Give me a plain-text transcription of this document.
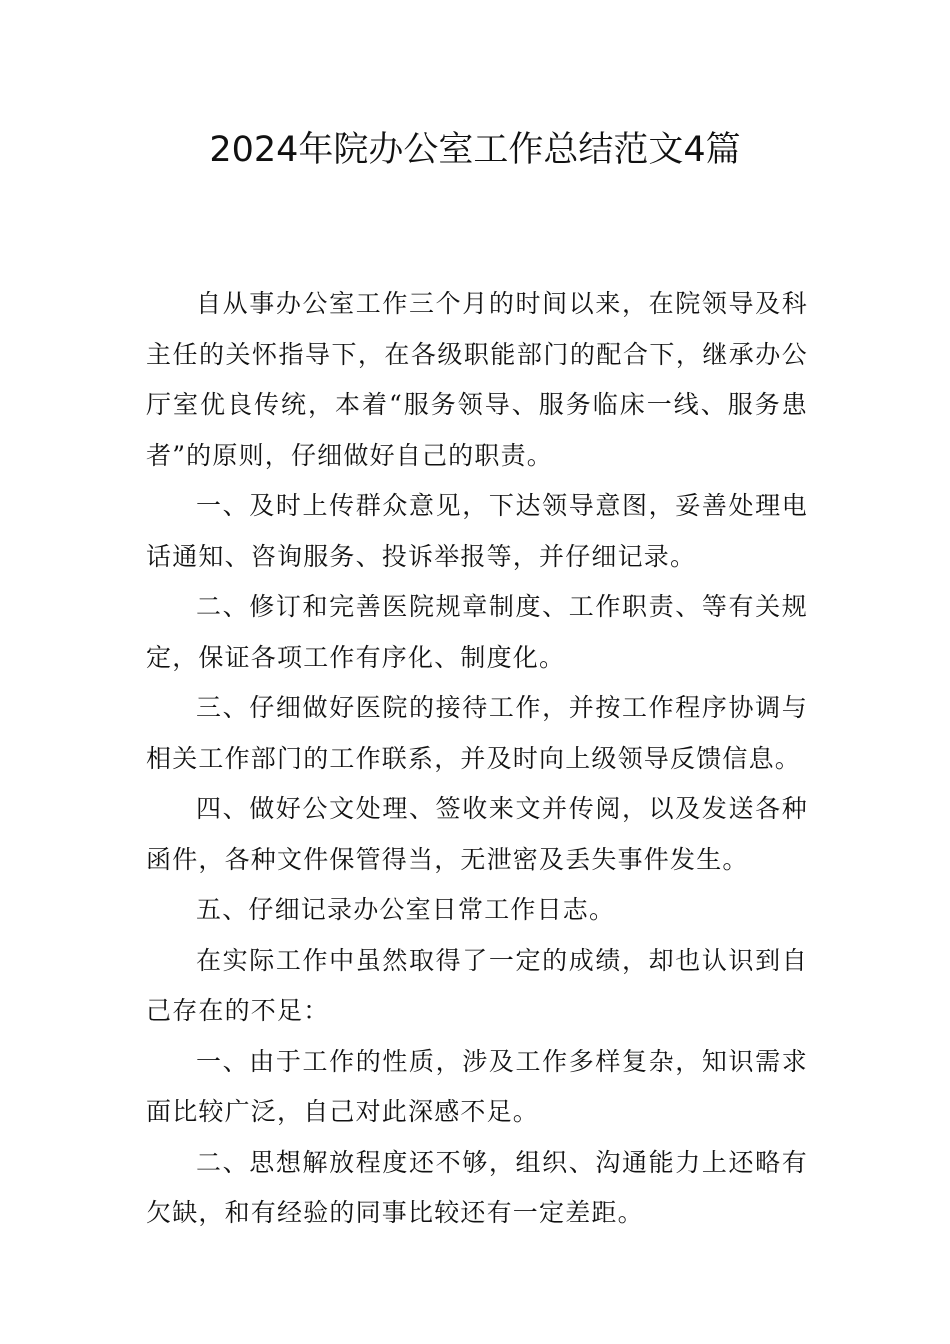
2024年院办公室工作总结范文4篇

自从事办公室工作三个月的时间以来，在院领导及科主任的关怀指导下，在各级职能部门的配合下，继承办公厅室优良传统，本着“服务领导、服务临床一线、服务患者”的原则，仔细做好自己的职责。

一、及时上传群众意见，下达领导意图，妥善处理电话通知、咨询服务、投诉举报等，并仔细记录。

二、修订和完善医院规章制度、工作职责、等有关规定，保证各项工作有序化、制度化。

三、仔细做好医院的接待工作，并按工作程序协调与相关工作部门的工作联系，并及时向上级领导反馈信息。

四、做好公文处理、签收来文并传阅，以及发送各种函件，各种文件保管得当，无泄密及丢失事件发生。

五、仔细记录办公室日常工作日志。

在实际工作中虽然取得了一定的成绩，却也认识到自己存在的不足：

一、由于工作的性质，涉及工作多样复杂，知识需求面比较广泛，自己对此深感不足。

二、思想解放程度还不够，组织、沟通能力上还略有欠缺，和有经验的同事比较还有一定差距。
